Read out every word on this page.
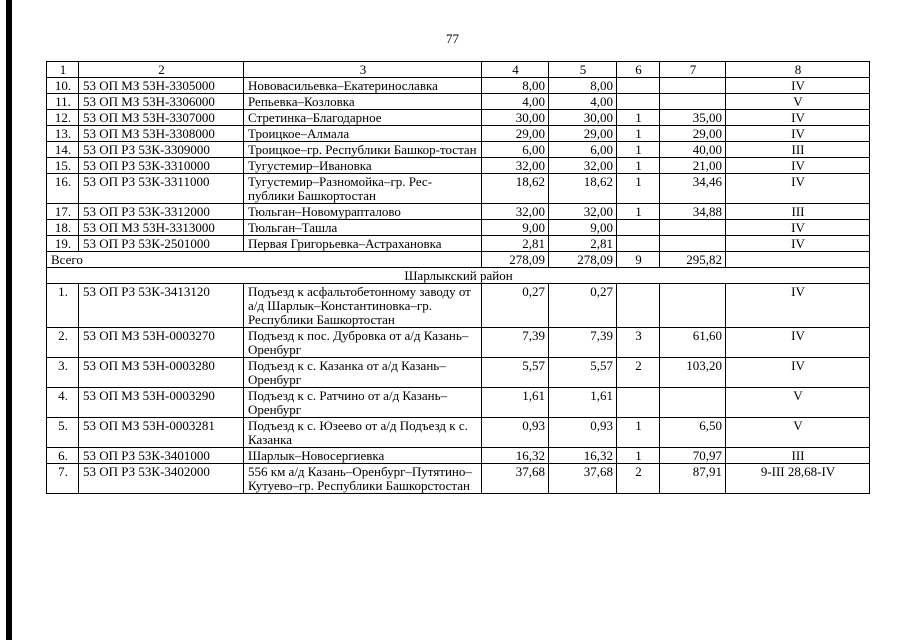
77
1	2	3	4	5	6	7	8
10.	53 ОП МЗ 53Н-3305000	Нововасильевка–Екатеринославка	8,00	8,00			IV
11.	53 ОП МЗ 53Н-3306000	Репьевка–Козловка	4,00	4,00			V
12.	53 ОП МЗ 53Н-3307000	Стретинка–Благодарное	30,00	30,00	1	35,00	IV
13.	53 ОП МЗ 53Н-3308000	Троицкое–Алмала	29,00	29,00	1	29,00	IV
14.	53 ОП РЗ 53К-3309000	Троицкое–гр. Республики Башкор-тостан	6,00	6,00	1	40,00	III
15.	53 ОП РЗ 53К-3310000	Тугустемир–Ивановка	32,00	32,00	1	21,00	IV
16.	53 ОП РЗ 53К-3311000	Тугустемир–Разномойка–гр. Рес-публики Башкортостан	18,62	18,62	1	34,46	IV
17.	53 ОП РЗ 53К-3312000	Тюльган–Новомурапталово	32,00	32,00	1	34,88	III
18.	53 ОП МЗ 53Н-3313000	Тюльган–Ташла	9,00	9,00			IV
19.	53 ОП РЗ 53К-2501000	Первая Григорьевка–Астрахановка	2,81	2,81			IV
Всего			278,09	278,09	9	295,82	
Шарлыкский район							
1.	53 ОП РЗ 53К-3413120	Подъезд к асфальтобетонному заводу от а/д Шарлык–Константиновка–гр. Республики Башкортостан	0,27	0,27			IV
2.	53 ОП МЗ 53Н-0003270	Подъезд к пос. Дубровка от а/д Казань–Оренбург	7,39	7,39	3	61,60	IV
3.	53 ОП МЗ 53Н-0003280	Подъезд к с. Казанка от а/д Казань–Оренбург	5,57	5,57	2	103,20	IV
4.	53 ОП МЗ 53Н-0003290	Подъезд к с. Ратчино от а/д Казань– Оренбург	1,61	1,61			V
5.	53 ОП МЗ 53Н-0003281	Подъезд к с. Юзеево от а/д Подъезд к с. Казанка	0,93	0,93	1	6,50	V
6.	53 ОП РЗ 53К-3401000	Шарлык–Новосергиевка	16,32	16,32	1	70,97	III
7.	53 ОП РЗ 53К-3402000	556 км а/д Казань–Оренбург–Путятино–Кутуево–гр. Республики Башкорстостан	37,68	37,68	2	87,91	9-III 28,68-IV
